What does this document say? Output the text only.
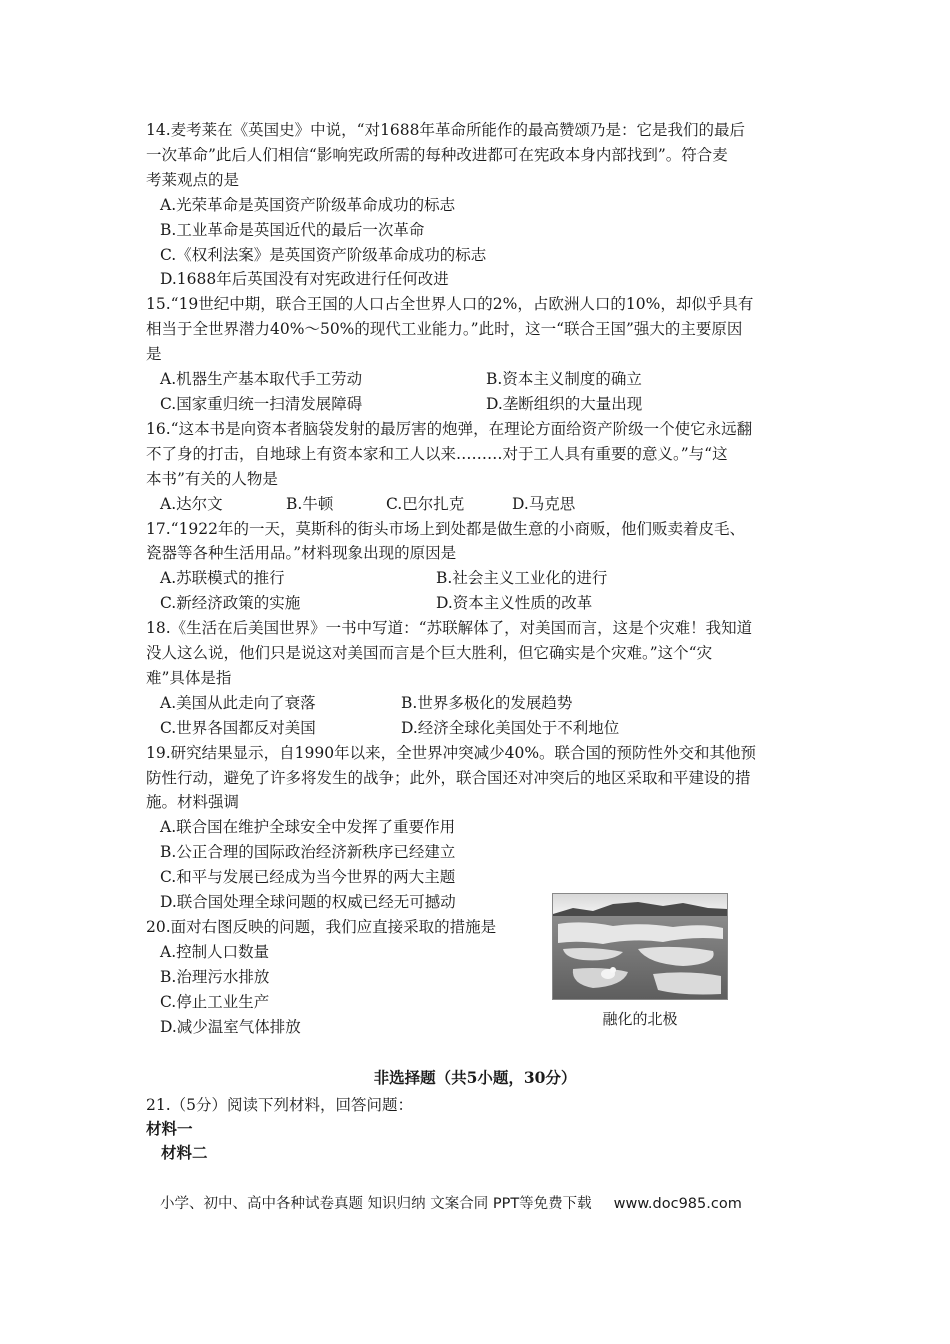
14.麦考莱在《英国史》中说，“对1688年革命所能作的最高赞颂乃是：它是我们的最后
一次革命”此后人们相信“影响宪政所需的每种改进都可在宪政本身内部找到”。符合麦
考莱观点的是
A.光荣革命是英国资产阶级革命成功的标志
B.工业革命是英国近代的最后一次革命
C.《权利法案》是英国资产阶级革命成功的标志
D.1688年后英国没有对宪政进行任何改进
15.“19世纪中期，联合王国的人口占全世界人口的2%，占欧洲人口的10%，却似乎具有
相当于全世界潜力40%～50%的现代工业能力。”此时，这一“联合王国”强大的主要原因
是
A.机器生产基本取代手工劳动	B.资本主义制度的确立
C.国家重归统一扫清发展障碍	D.垄断组织的大量出现
16.“这本书是向资本者脑袋发射的最厉害的炮弹，在理论方面给资产阶级一个使它永远翻
不了身的打击，自地球上有资本家和工人以来………对于工人具有重要的意义。”与“这
本书”有关的人物是
A.达尔文	B.牛顿	C.巴尔扎克	D.马克思
17.“1922年的一天，莫斯科的街头市场上到处都是做生意的小商贩，他们贩卖着皮毛、
瓷器等各种生活用品。”材料现象出现的原因是
A.苏联模式的推行	B.社会主义工业化的进行
C.新经济政策的实施	D.资本主义性质的改革
18.《生活在后美国世界》一书中写道：“苏联解体了，对美国而言，这是个灾难！我知道
没人这么说，他们只是说这对美国而言是个巨大胜利，但它确实是个灾难。”这个“灾
难”具体是指
A.美国从此走向了衰落	B.世界多极化的发展趋势
C.世界各国都反对美国	D.经济全球化美国处于不利地位
19.研究结果显示，自1990年以来，全世界冲突减少40%。联合国的预防性外交和其他预
防性行动，避免了许多将发生的战争；此外，联合国还对冲突后的地区采取和平建设的措
施。材料强调
A.联合国在维护全球安全中发挥了重要作用
B.公正合理的国际政治经济新秩序已经建立
C.和平与发展已经成为当今世界的两大主题
D.联合国处理全球问题的权威已经无可撼动
20.面对右图反映的问题，我们应直接采取的措施是
A.控制人口数量
B.治理污水排放
C.停止工业生产
D.减少温室气体排放	融化的北极
非选择题（共5小题，30分）
21.（5分）阅读下列材料，回答问题：
材料一
材料二
小学、初中、高中各种试卷真题 知识归纳 文案合同 PPT等免费下载 www.doc985.com
